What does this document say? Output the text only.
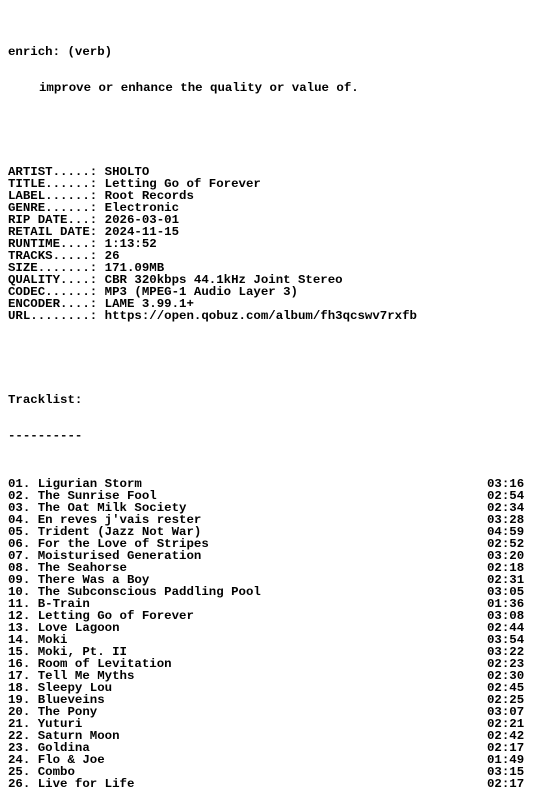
enrich: (verb)

improve or enhance the quality or value of.

ARTIST.....: SHOLTO
TITLE......: Letting Go of Forever
LABEL......: Root Records
GENRE......: Electronic
RIP DATE...: 2026-03-01
RETAIL DATE: 2024-11-15
RUNTIME....: 1:13:52
TRACKS.....: 26
SIZE.......: 171.09MB
QUALITY....: CBR 320kbps 44.1kHz Joint Stereo
CODEC......: MP3 (MPEG-1 Audio Layer 3)
ENCODER....: LAME 3.99.1+
URL........: https://open.qobuz.com/album/fh3qcswv7rxfb

Tracklist:

----------

01. Ligurian Storm	03:16
02. The Sunrise Fool	02:54
03. The Oat Milk Society	02:34
04. En reves j'vais rester	03:28
05. Trident (Jazz Not War)	04:59
06. For the Love of Stripes	02:52
07. Moisturised Generation	03:20
08. The Seahorse	02:18
09. There Was a Boy	02:31
10. The Subconscious Paddling Pool	03:05
11. B-Train	01:36
12. Letting Go of Forever	03:08
13. Love Lagoon	02:44
14. Moki	03:54
15. Moki, Pt. II	03:22
16. Room of Levitation	02:23
17. Tell Me Myths	02:30
18. Sleepy Lou	02:45
19. Blueveins	02:25
20. The Pony	03:07
21. Yuturi	02:21
22. Saturn Moon	02:42
23. Goldina	02:17
24. Flo & Joe	01:49
25. Combo	03:15
26. Live for Life	02:17
